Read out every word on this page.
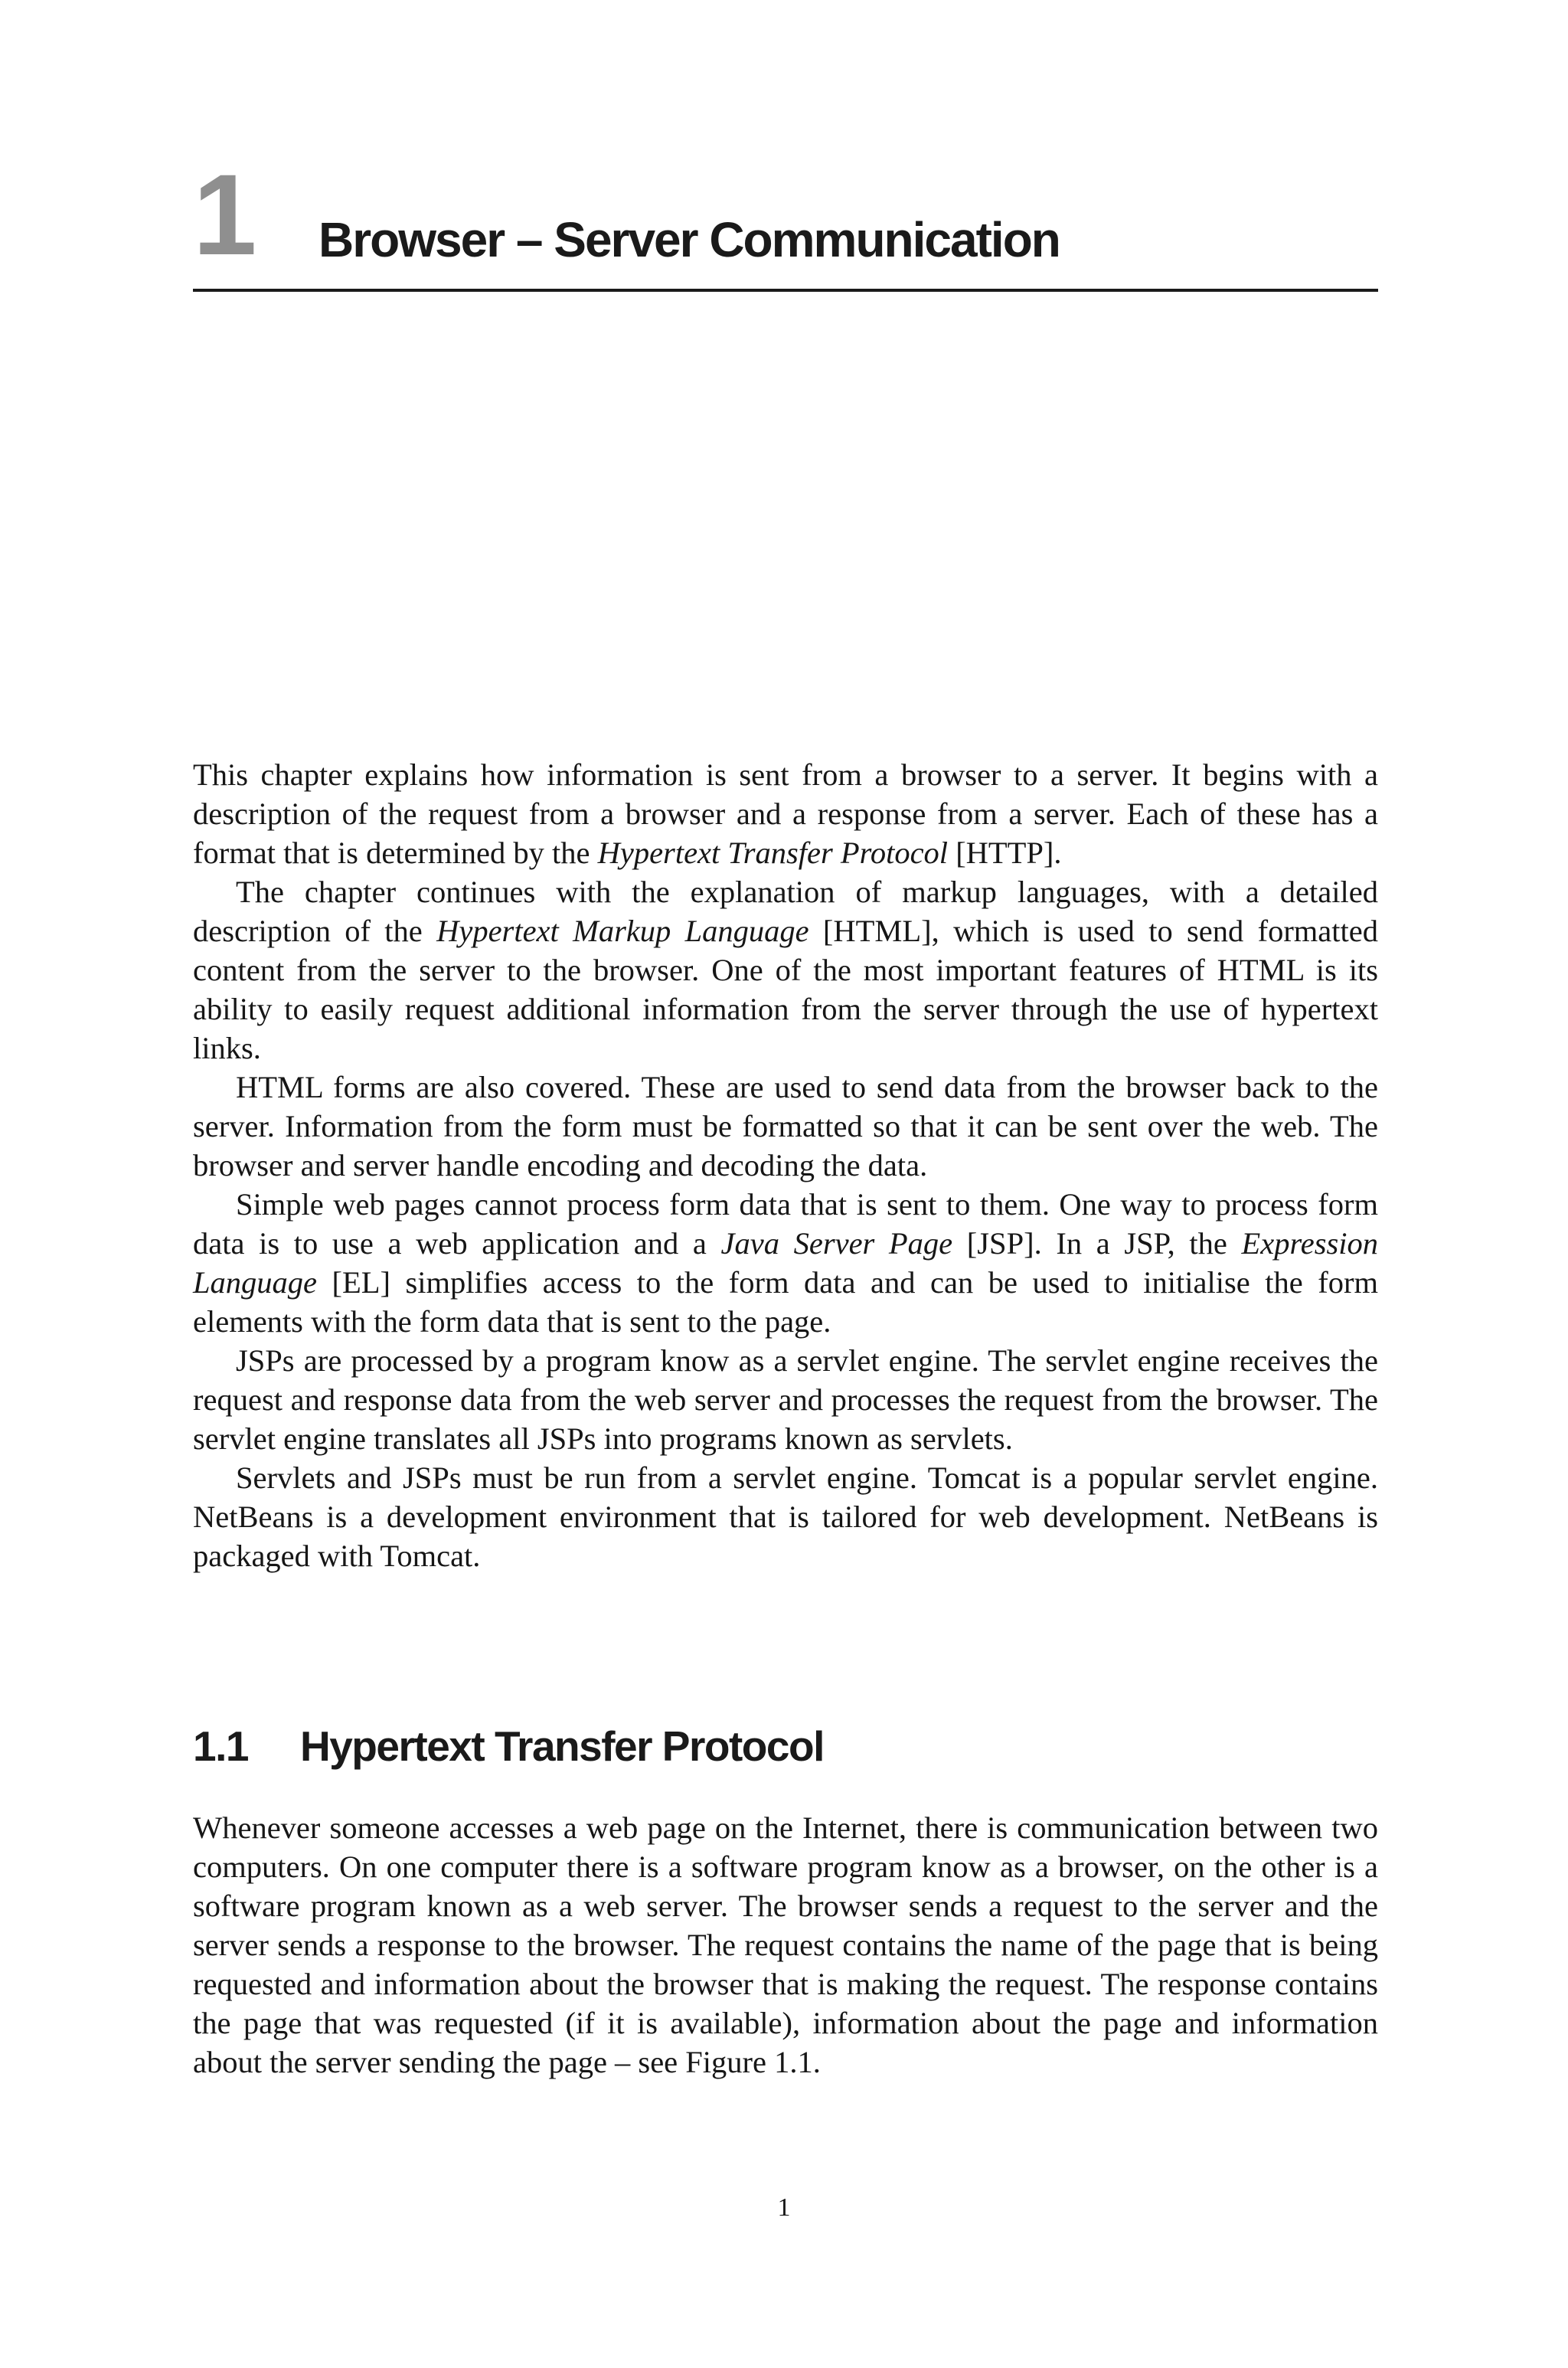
1 Browser – Server Communication

This chapter explains how information is sent from a browser to a server. It begins with a description of the request from a browser and a response from a server. Each of these has a format that is determined by the Hypertext Transfer Protocol [HTTP].

The chapter continues with the explanation of markup languages, with a detailed description of the Hypertext Markup Language [HTML], which is used to send formatted content from the server to the browser. One of the most important features of HTML is its ability to easily request additional information from the server through the use of hypertext links.

HTML forms are also covered. These are used to send data from the browser back to the server. Information from the form must be formatted so that it can be sent over the web. The browser and server handle encoding and decoding the data.

Simple web pages cannot process form data that is sent to them. One way to process form data is to use a web application and a Java Server Page [JSP]. In a JSP, the Expression Language [EL] simplifies access to the form data and can be used to initialise the form elements with the form data that is sent to the page.

JSPs are processed by a program know as a servlet engine. The servlet engine receives the request and response data from the web server and processes the request from the browser. The servlet engine translates all JSPs into programs known as servlets.

Servlets and JSPs must be run from a servlet engine. Tomcat is a popular servlet engine. NetBeans is a development environment that is tailored for web development. NetBeans is packaged with Tomcat.

1.1 Hypertext Transfer Protocol

Whenever someone accesses a web page on the Internet, there is communication between two computers. On one computer there is a software program know as a browser, on the other is a software program known as a web server. The browser sends a request to the server and the server sends a response to the browser. The request contains the name of the page that is being requested and information about the browser that is making the request. The response contains the page that was requested (if it is available), information about the page and information about the server sending the page – see Figure 1.1.

1
